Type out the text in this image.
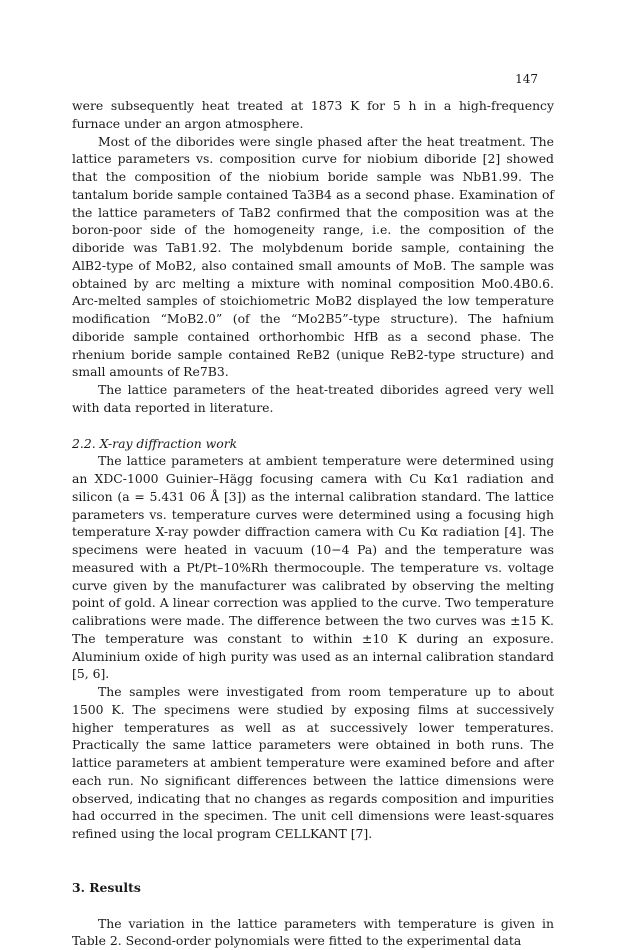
147

were subsequently heat treated at 1873 K for 5 h in a high-frequency furnace under an argon atmosphere.

Most of the diborides were single phased after the heat treatment. The lattice parameters vs. composition curve for niobium diboride [2] showed that the composition of the niobium boride sample was NbB1.99. The tantalum boride sample contained Ta3B4 as a second phase. Examination of the lattice parameters of TaB2 confirmed that the composition was at the boron-poor side of the homogeneity range, i.e. the composition of the diboride was TaB1.92. The molybdenum boride sample, containing the AlB2-type of MoB2, also contained small amounts of MoB. The sample was obtained by arc melting a mixture with nominal composition Mo0.4B0.6. Arc-melted samples of stoichiometric MoB2 displayed the low temperature modification “MoB2.0” (of the “Mo2B5”-type structure). The hafnium diboride sample contained orthorhombic HfB as a second phase. The rhenium boride sample contained ReB2 (unique ReB2-type structure) and small amounts of Re7B3.

The lattice parameters of the heat-treated diborides agreed very well with data reported in literature.

2.2. X-ray diffraction work

The lattice parameters at ambient temperature were determined using an XDC-1000 Guinier–Hägg focusing camera with Cu Kα1 radiation and silicon (a = 5.431 06 Å [3]) as the internal calibration standard. The lattice parameters vs. temperature curves were determined using a focusing high temperature X-ray powder diffraction camera with Cu Kα radiation [4]. The specimens were heated in vacuum (10−4 Pa) and the temperature was measured with a Pt/Pt–10%Rh thermocouple. The temperature vs. voltage curve given by the manufacturer was calibrated by observing the melting point of gold. A linear correction was applied to the curve. Two temperature calibrations were made. The difference between the two curves was ±15 K. The temperature was constant to within ±10 K during an exposure. Aluminium oxide of high purity was used as an internal calibration standard [5, 6].

The samples were investigated from room temperature up to about 1500 K. The specimens were studied by exposing films at successively higher temperatures as well as at successively lower temperatures. Practically the same lattice parameters were obtained in both runs. The lattice parameters at ambient temperature were examined before and after each run. No significant differences between the lattice dimensions were observed, indicating that no changes as regards composition and impurities had occurred in the specimen. The unit cell dimensions were least-squares refined using the local program CELLKANT [7].

3. Results

The variation in the lattice parameters with temperature is given in Table 2. Second-order polynomials were fitted to the experimental data
